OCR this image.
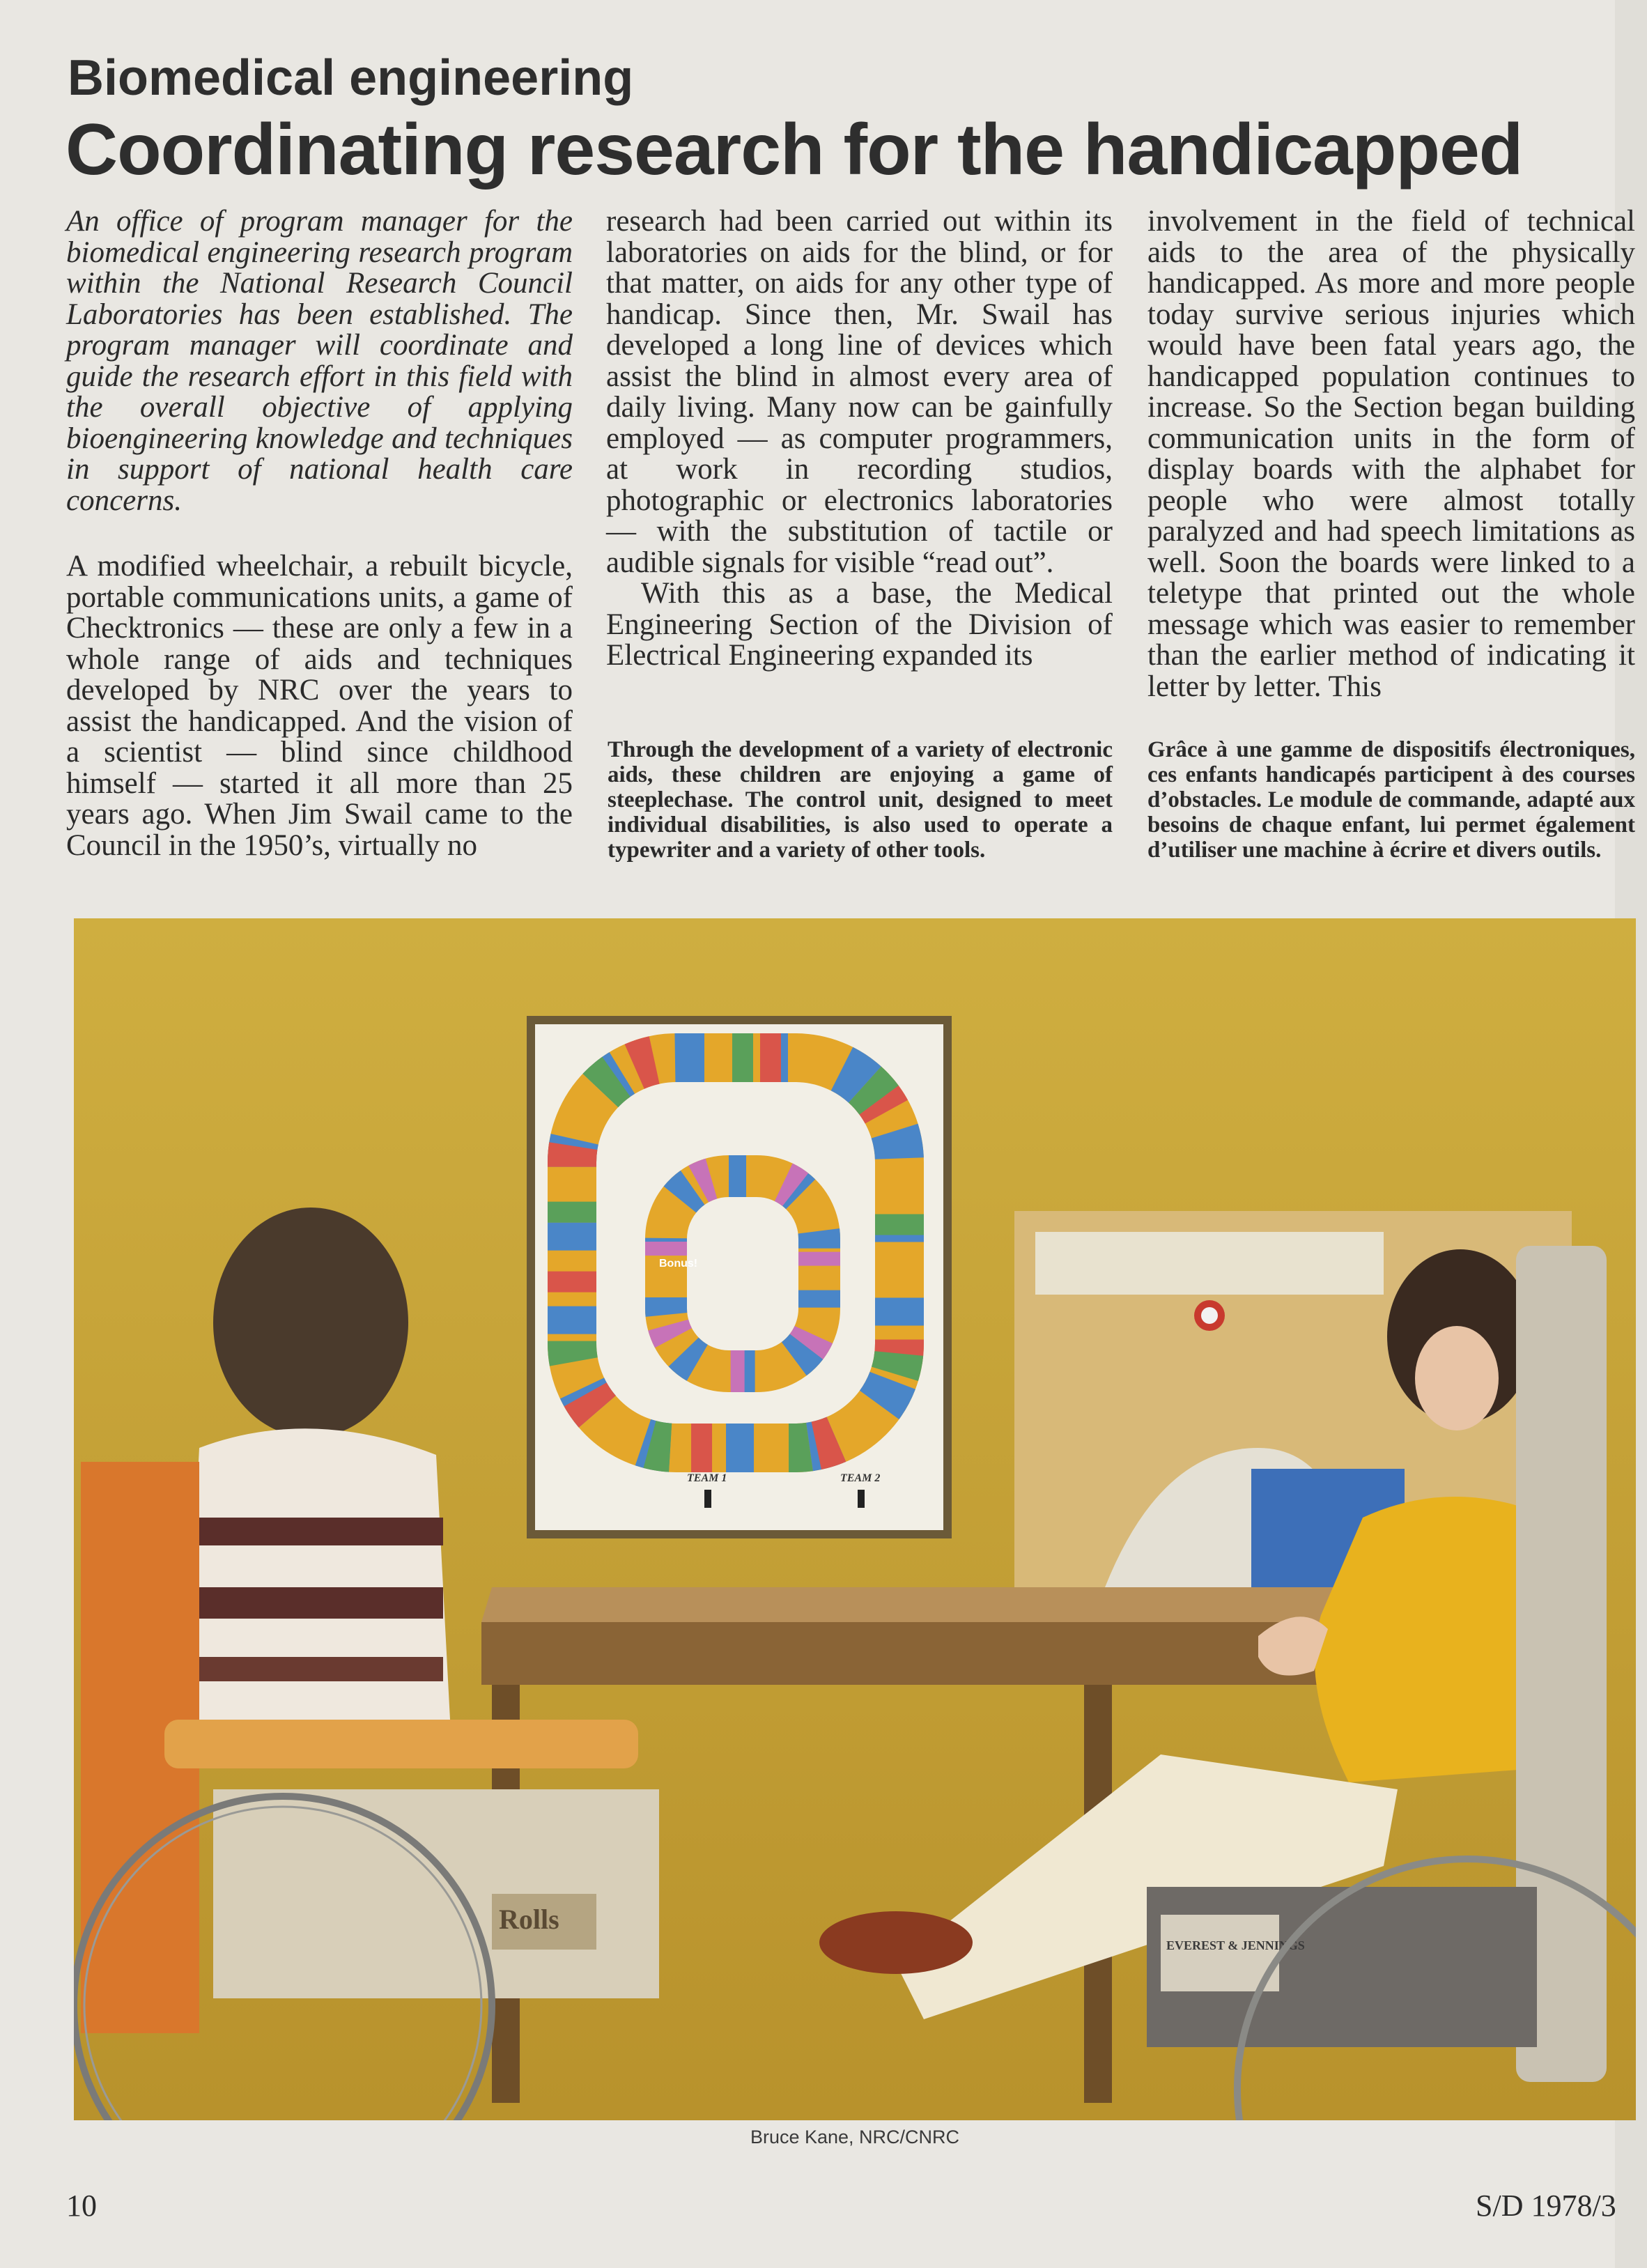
Biomedical engineering
Coordinating research for the handicapped

An office of program manager for the biomedical engineering research program within the National Research Council Laboratories has been established. The program manager will coordinate and guide the research effort in this field with the overall objective of applying bioengineering knowledge and techniques in support of national health care concerns.

A modified wheelchair, a rebuilt bicycle, portable communications units, a game of Checktronics — these are only a few in a whole range of aids and techniques developed by NRC over the years to assist the handicapped. And the vision of a scientist — blind since childhood himself — started it all more than 25 years ago. When Jim Swail came to the Council in the 1950’s, virtually no

research had been carried out within its laboratories on aids for the blind, or for that matter, on aids for any other type of handicap. Since then, Mr. Swail has developed a long line of devices which assist the blind in almost every area of daily living. Many now can be gainfully employed — as computer programmers, at work in recording studios, photographic or electronics laboratories — with the substitution of tactile or audible signals for visible “read out”.

With this as a base, the Medical Engineering Section of the Division of Electrical Engineering expanded its

involvement in the field of technical aids to the area of the physically handicapped. As more and more people today survive serious injuries which would have been fatal years ago, the handicapped population continues to increase. So the Section began building communication units in the form of display boards with the alphabet for people who were almost totally paralyzed and had speech limitations as well. Soon the boards were linked to a teletype that printed out the whole message which was easier to remember than the earlier method of indicating it letter by letter. This

Through the development of a variety of electronic aids, these children are enjoying a game of steeplechase. The control unit, designed to meet individual disabilities, is also used to operate a typewriter and a variety of other tools.

Grâce à une gamme de dispositifs électroniques, ces enfants handicapés participent à des courses d’obstacles. Le module de commande, adapté aux besoins de chaque enfant, lui permet également d’utiliser une machine à écrire et divers outils.

Bonus!
TEAM 1	TEAM 2
Rolls
EVEREST & JENNINGS

Bruce Kane, NRC/CNRC

10	S/D 1978/3
